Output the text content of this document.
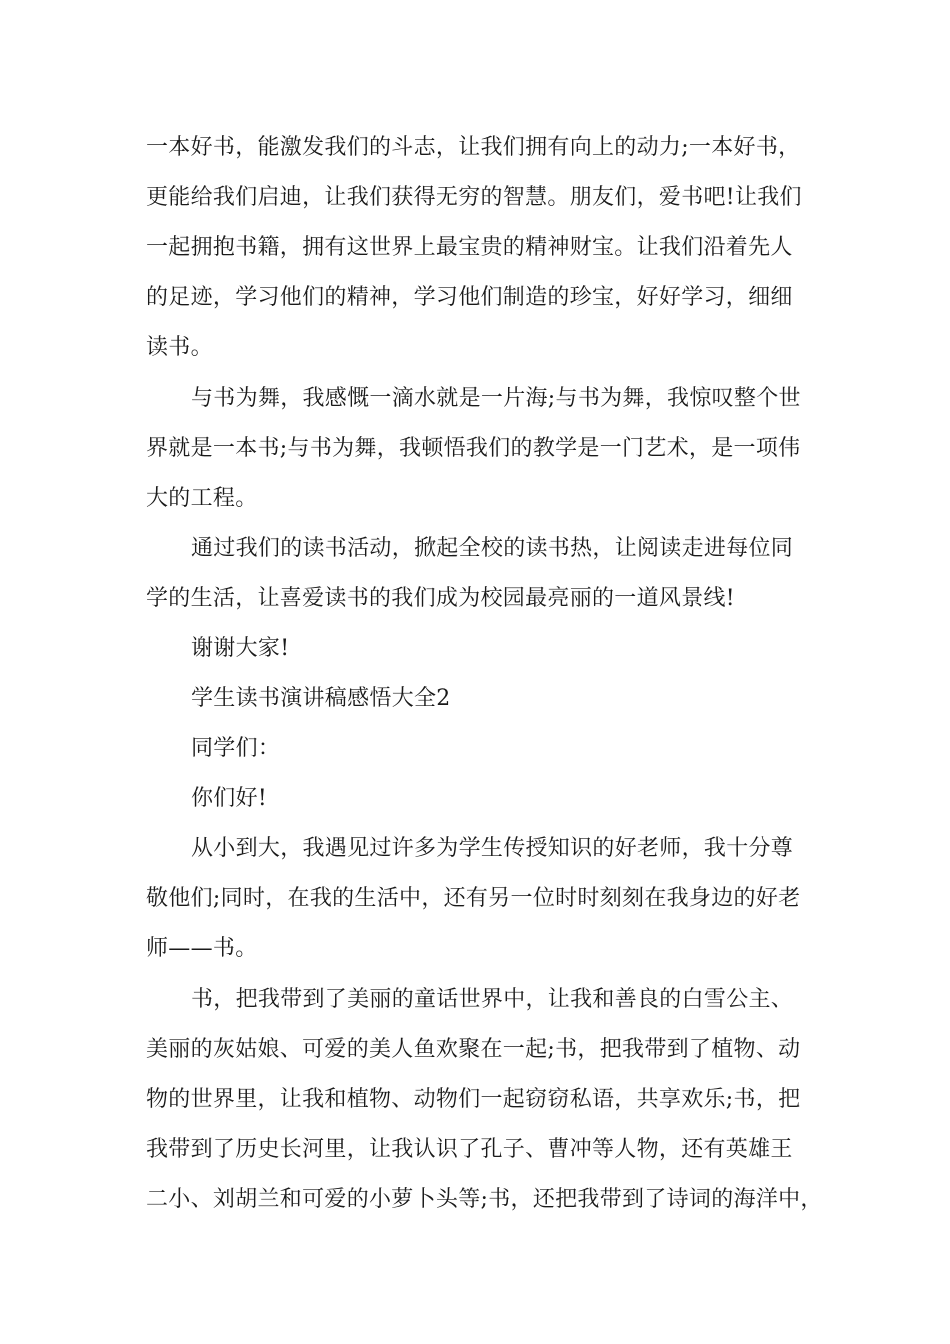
一本好书，能激发我们的斗志，让我们拥有向上的动力;一本好书，

更能给我们启迪，让我们获得无穷的智慧。朋友们，爱书吧!让我们

一起拥抱书籍，拥有这世界上最宝贵的精神财宝。让我们沿着先人

的足迹，学习他们的精神，学习他们制造的珍宝，好好学习，细细

读书。

与书为舞，我感慨一滴水就是一片海;与书为舞，我惊叹整个世

界就是一本书;与书为舞，我顿悟我们的教学是一门艺术，是一项伟

大的工程。

通过我们的读书活动，掀起全校的读书热，让阅读走进每位同

学的生活，让喜爱读书的我们成为校园最亮丽的一道风景线!

谢谢大家!

学生读书演讲稿感悟大全2

同学们：

你们好!

从小到大，我遇见过许多为学生传授知识的好老师，我十分尊

敬他们;同时，在我的生活中，还有另一位时时刻刻在我身边的好老

师——书。

书，把我带到了美丽的童话世界中，让我和善良的白雪公主、

美丽的灰姑娘、可爱的美人鱼欢聚在一起;书，把我带到了植物、动

物的世界里，让我和植物、动物们一起窃窃私语，共享欢乐;书，把

我带到了历史长河里，让我认识了孔子、曹冲等人物，还有英雄王

二小、刘胡兰和可爱的小萝卜头等;书，还把我带到了诗词的海洋中，
